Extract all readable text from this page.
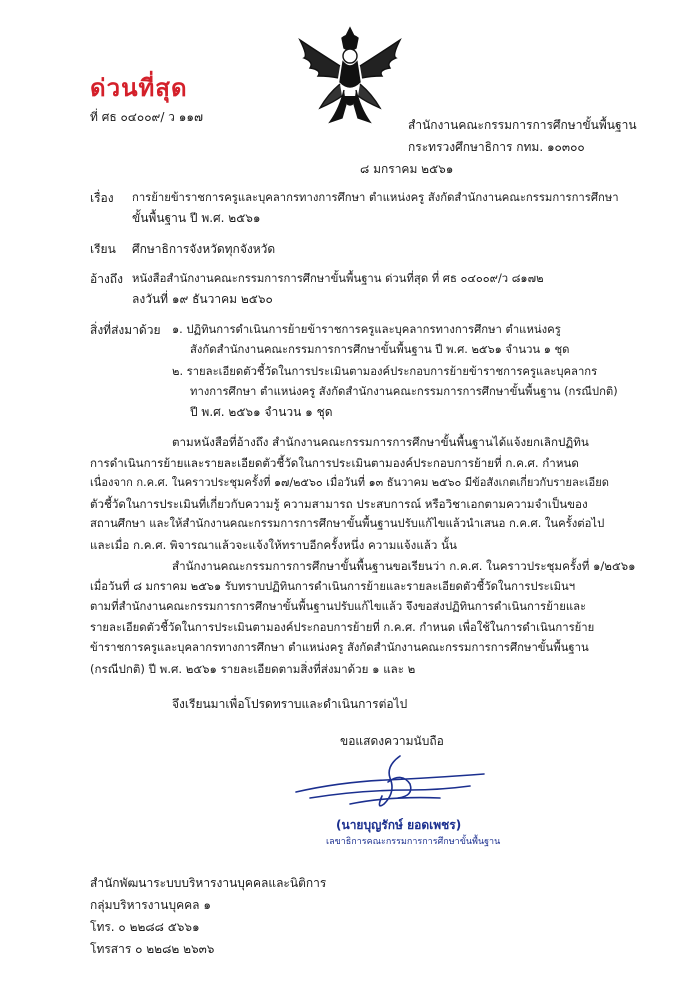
ด่วนที่สุด
ที่ ศธ ๐๔๐๐๙/ ว ๑๑๗
สำนักงานคณะกรรมการการศึกษาขั้นพื้นฐาน
กระทรวงศึกษาธิการ กทม. ๑๐๓๐๐
๘ มกราคม ๒๕๖๑
เรื่อง การย้ายข้าราชการครูและบุคลากรทางการศึกษา ตำแหน่งครู สังกัดสำนักงานคณะกรรมการการศึกษา
ขั้นพื้นฐาน ปี พ.ศ. ๒๕๖๑
เรียน ศึกษาธิการจังหวัดทุกจังหวัด
อ้างถึง หนังสือสำนักงานคณะกรรมการการศึกษาขั้นพื้นฐาน ด่วนที่สุด ที่ ศธ ๐๔๐๐๙/ว ๘๑๗๒
ลงวันที่ ๑๙ ธันวาคม ๒๕๖๐
สิ่งที่ส่งมาด้วย ๑. ปฏิทินการดำเนินการย้ายข้าราชการครูและบุคลากรทางการศึกษา ตำแหน่งครู
สังกัดสำนักงานคณะกรรมการการศึกษาขั้นพื้นฐาน ปี พ.ศ. ๒๕๖๑ จำนวน ๑ ชุด
๒. รายละเอียดตัวชี้วัดในการประเมินตามองค์ประกอบการย้ายข้าราชการครูและบุคลากร
ทางการศึกษา ตำแหน่งครู สังกัดสำนักงานคณะกรรมการการศึกษาขั้นพื้นฐาน (กรณีปกติ)
ปี พ.ศ. ๒๕๖๑ จำนวน ๑ ชุด
ตามหนังสือที่อ้างถึง สำนักงานคณะกรรมการการศึกษาขั้นพื้นฐานได้แจ้งยกเลิกปฏิทิน
การดำเนินการย้ายและรายละเอียดตัวชี้วัดในการประเมินตามองค์ประกอบการย้ายที่ ก.ค.ศ. กำหนด
เนื่องจาก ก.ค.ศ. ในคราวประชุมครั้งที่ ๑๗/๒๕๖๐ เมื่อวันที่ ๑๓ ธันวาคม ๒๕๖๐ มีข้อสังเกตเกี่ยวกับรายละเอียด
ตัวชี้วัดในการประเมินที่เกี่ยวกับความรู้ ความสามารถ ประสบการณ์ หรือวิชาเอกตามความจำเป็นของ
สถานศึกษา และให้สำนักงานคณะกรรมการการศึกษาขั้นพื้นฐานปรับแก้ไขแล้วนำเสนอ ก.ค.ศ. ในครั้งต่อไป
และเมื่อ ก.ค.ศ. พิจารณาแล้วจะแจ้งให้ทราบอีกครั้งหนึ่ง ความแจ้งแล้ว นั้น
สำนักงานคณะกรรมการการศึกษาขั้นพื้นฐานขอเรียนว่า ก.ค.ศ. ในคราวประชุมครั้งที่ ๑/๒๕๖๑
เมื่อวันที่ ๘ มกราคม ๒๕๖๑ รับทราบปฏิทินการดำเนินการย้ายและรายละเอียดตัวชี้วัดในการประเมินฯ
ตามที่สำนักงานคณะกรรมการการศึกษาขั้นพื้นฐานปรับแก้ไขแล้ว จึงขอส่งปฏิทินการดำเนินการย้ายและ
รายละเอียดตัวชี้วัดในการประเมินตามองค์ประกอบการย้ายที่ ก.ค.ศ. กำหนด เพื่อใช้ในการดำเนินการย้าย
ข้าราชการครูและบุคลากรทางการศึกษา ตำแหน่งครู สังกัดสำนักงานคณะกรรมการการศึกษาขั้นพื้นฐาน
(กรณีปกติ) ปี พ.ศ. ๒๕๖๑ รายละเอียดตามสิ่งที่ส่งมาด้วย ๑ และ ๒
จึงเรียนมาเพื่อโปรดทราบและดำเนินการต่อไป
ขอแสดงความนับถือ
(นายบุญรักษ์ ยอดเพชร)
เลขาธิการคณะกรรมการการศึกษาขั้นพื้นฐาน
สำนักพัฒนาระบบบริหารงานบุคคลและนิติการ
กลุ่มบริหารงานบุคคล ๑
โทร. ๐ ๒๒๘๘ ๕๖๖๑
โทรสาร ๐ ๒๒๘๒ ๒๖๓๖
